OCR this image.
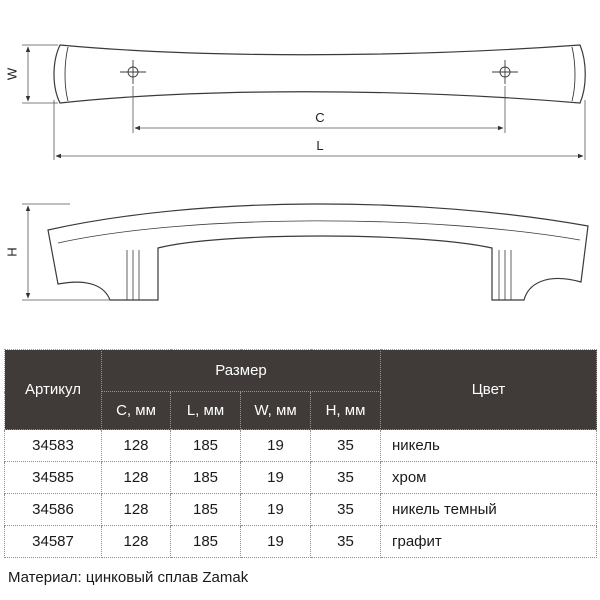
W
C
L
H
Артикул	Размер				Цвет
	C, мм	L, мм	W, мм	H, мм	
34583	128	185	19	35	никель
34585	128	185	19	35	хром
34586	128	185	19	35	никель темный
34587	128	185	19	35	графит
Материал: цинковый сплав Zamak
